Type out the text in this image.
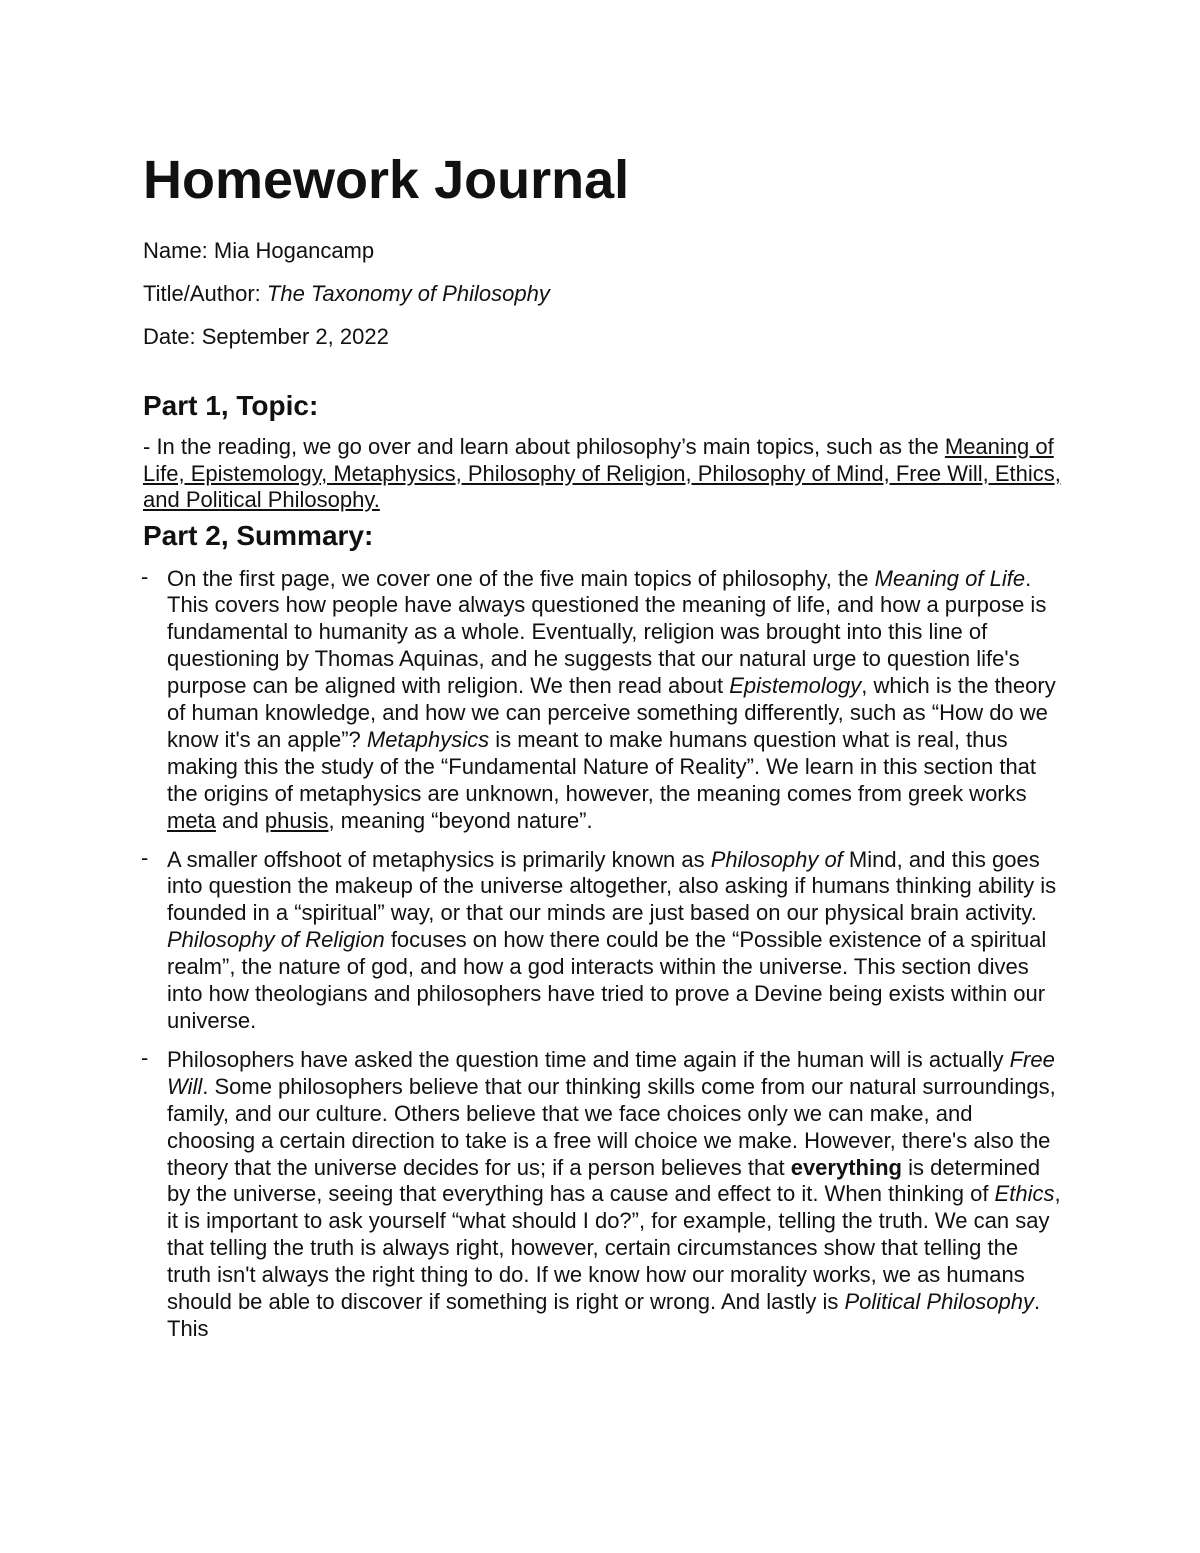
Homework Journal

Name: Mia Hogancamp

Title/Author: The Taxonomy of Philosophy

Date: September 2, 2022

Part 1, Topic:

- In the reading, we go over and learn about philosophy’s main topics, such as the Meaning of Life, Epistemology, Metaphysics, Philosophy of Religion, Philosophy of Mind, Free Will, Ethics, and Political Philosophy.

Part 2, Summary:
- On the first page, we cover one of the five main topics of philosophy, the Meaning of Life. This covers how people have always questioned the meaning of life, and how a purpose is fundamental to humanity as a whole. Eventually, religion was brought into this line of questioning by Thomas Aquinas, and he suggests that our natural urge to question life's purpose can be aligned with religion. We then read about Epistemology, which is the theory of human knowledge, and how we can perceive something differently, such as “How do we know it's an apple”? Metaphysics is meant to make humans question what is real, thus making this the study of the “Fundamental Nature of Reality”. We learn in this section that the origins of metaphysics are unknown, however, the meaning comes from greek works meta and phusis, meaning “beyond nature”.
- A smaller offshoot of metaphysics is primarily known as Philosophy of Mind, and this goes into question the makeup of the universe altogether, also asking if humans thinking ability is founded in a “spiritual” way, or that our minds are just based on our physical brain activity. Philosophy of Religion focuses on how there could be the “Possible existence of a spiritual realm”, the nature of god, and how a god interacts within the universe. This section dives into how theologians and philosophers have tried to prove a Devine being exists within our universe.
- Philosophers have asked the question time and time again if the human will is actually Free Will. Some philosophers believe that our thinking skills come from our natural surroundings, family, and our culture. Others believe that we face choices only we can make, and choosing a certain direction to take is a free will choice we make. However, there's also the theory that the universe decides for us; if a person believes that everything is determined by the universe, seeing that everything has a cause and effect to it. When thinking of Ethics, it is important to ask yourself “what should I do?”, for example, telling the truth. We can say that telling the truth is always right, however, certain circumstances show that telling the truth isn't always the right thing to do. If we know how our morality works, we as humans should be able to discover if something is right or wrong. And lastly is Political Philosophy. This
